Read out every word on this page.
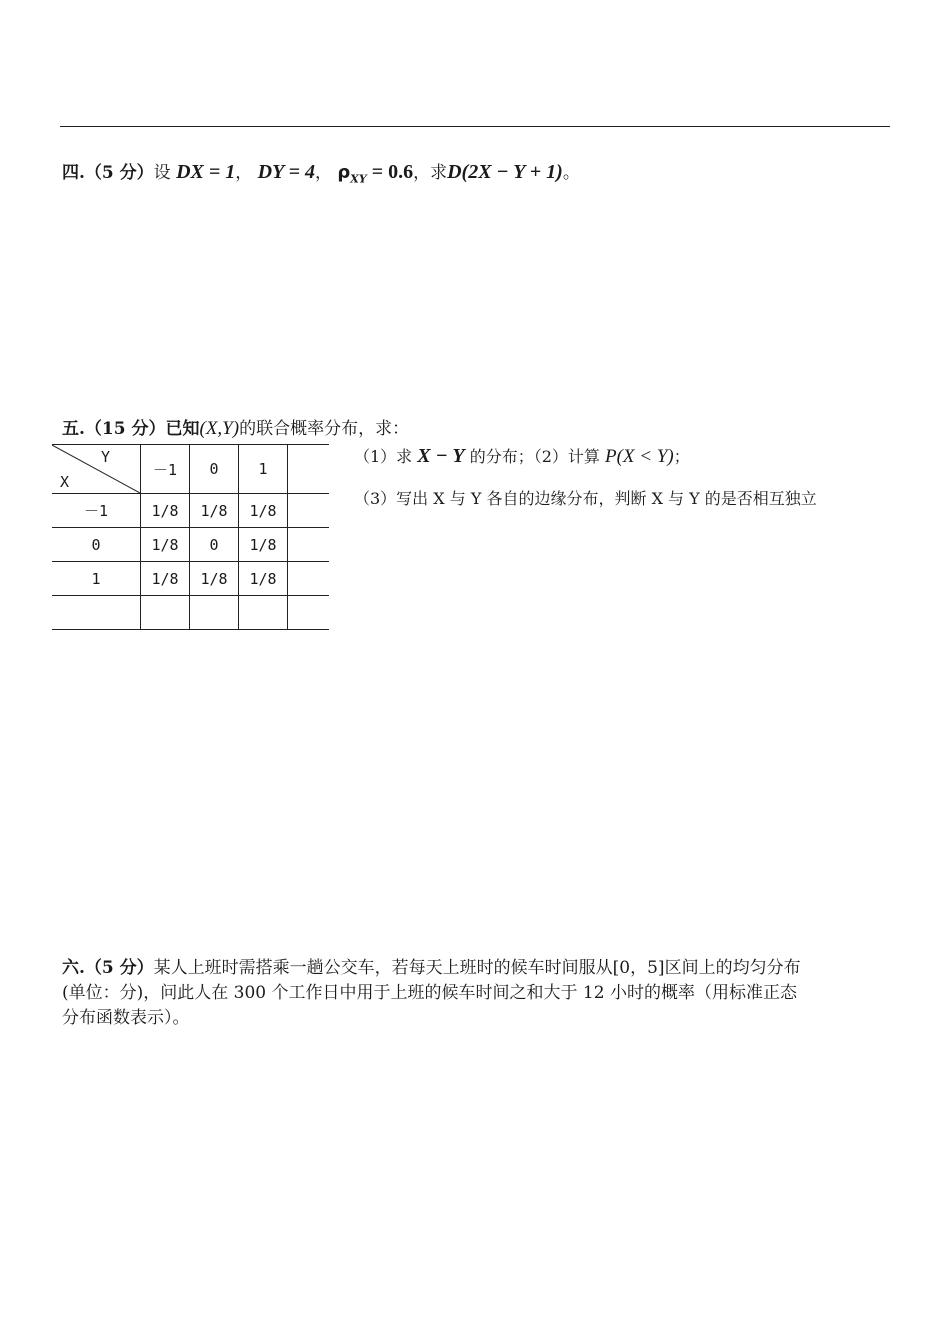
四.（5 分）设 DX = 1， DY = 4， $\rho_{XY} = 0.6$，求D(2X − Y + 1)。
五.（15 分）已知(X,Y)的联合概率分布，求：
（1）求 X − Y 的分布；（2）计算 P(X < Y)；
（3）写出 X 与 Y 各自的边缘分布，判断 X 与 Y 的是否相互独立
Y
X	－1	0	1	
－1	1/8	1/8	1/8	
0	1/8	0	1/8	
1	1/8	1/8	1/8	

六.（5 分）某人上班时需搭乘一趟公交车，若每天上班时的候车时间服从[0，5]区间上的均匀分布
(单位：分)，问此人在 300 个工作日中用于上班的候车时间之和大于 12 小时的概率（用标准正态
分布函数表示）。
